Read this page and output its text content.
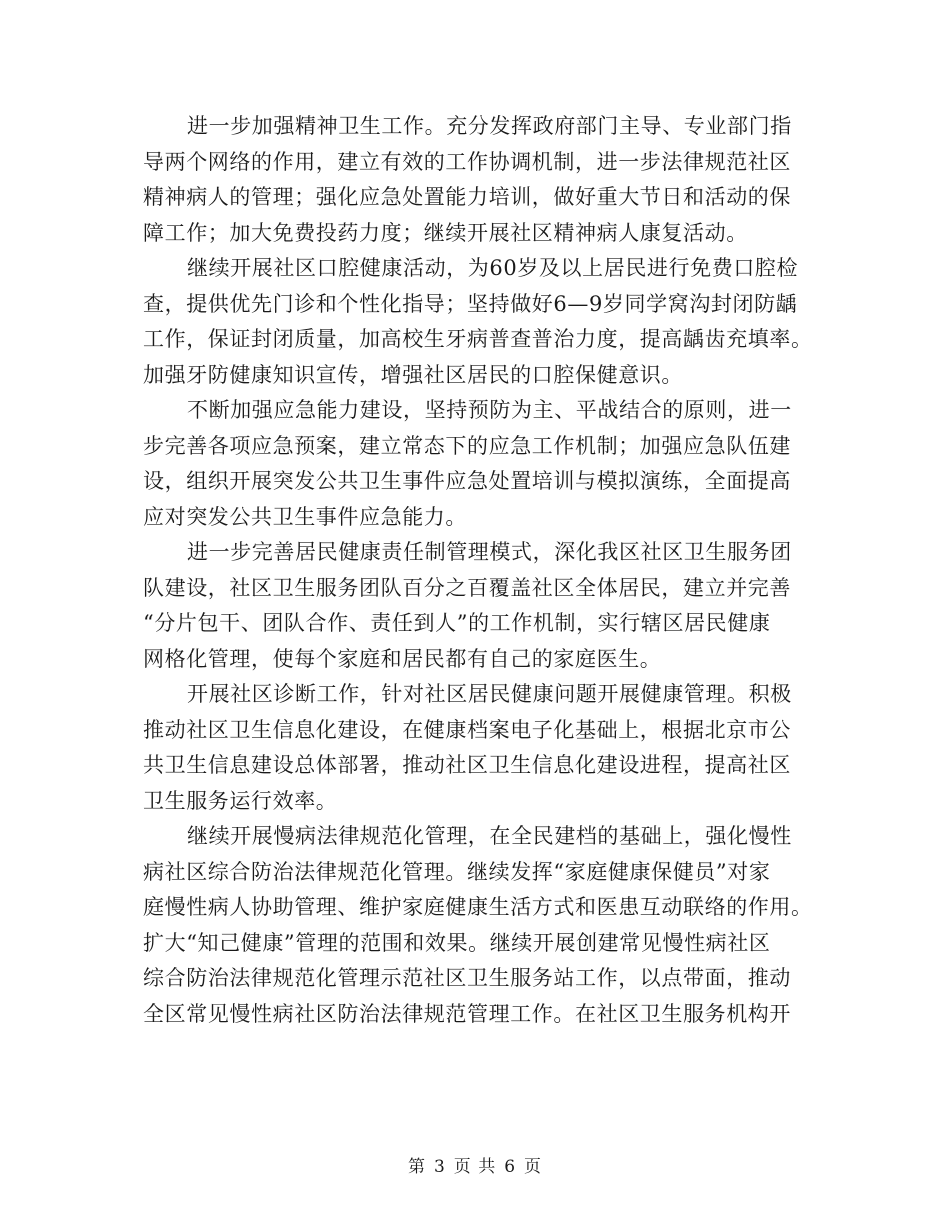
进一步加强精神卫生工作。充分发挥政府部门主导、专业部门指
导两个网络的作用，建立有效的工作协调机制，进一步法律规范社区
精神病人的管理；强化应急处置能力培训，做好重大节日和活动的保
障工作；加大免费投药力度；继续开展社区精神病人康复活动。

继续开展社区口腔健康活动，为60岁及以上居民进行免费口腔检
查，提供优先门诊和个性化指导；坚持做好6—9岁同学窝沟封闭防龋
工作，保证封闭质量，加高校生牙病普查普治力度，提高龋齿充填率。
加强牙防健康知识宣传，增强社区居民的口腔保健意识。

不断加强应急能力建设，坚持预防为主、平战结合的原则，进一
步完善各项应急预案，建立常态下的应急工作机制；加强应急队伍建
设，组织开展突发公共卫生事件应急处置培训与模拟演练，全面提高
应对突发公共卫生事件应急能力。

进一步完善居民健康责任制管理模式，深化我区社区卫生服务团
队建设，社区卫生服务团队百分之百覆盖社区全体居民，建立并完善
“分片包干、团队合作、责任到人”的工作机制，实行辖区居民健康
网格化管理，使每个家庭和居民都有自己的家庭医生。

开展社区诊断工作，针对社区居民健康问题开展健康管理。积极
推动社区卫生信息化建设，在健康档案电子化基础上，根据北京市公
共卫生信息建设总体部署，推动社区卫生信息化建设进程，提高社区
卫生服务运行效率。

继续开展慢病法律规范化管理，在全民建档的基础上，强化慢性
病社区综合防治法律规范化管理。继续发挥“家庭健康保健员”对家
庭慢性病人协助管理、维护家庭健康生活方式和医患互动联络的作用。
扩大“知己健康”管理的范围和效果。继续开展创建常见慢性病社区
综合防治法律规范化管理示范社区卫生服务站工作，以点带面，推动
全区常见慢性病社区防治法律规范管理工作。在社区卫生服务机构开

第 3 页 共 6 页
